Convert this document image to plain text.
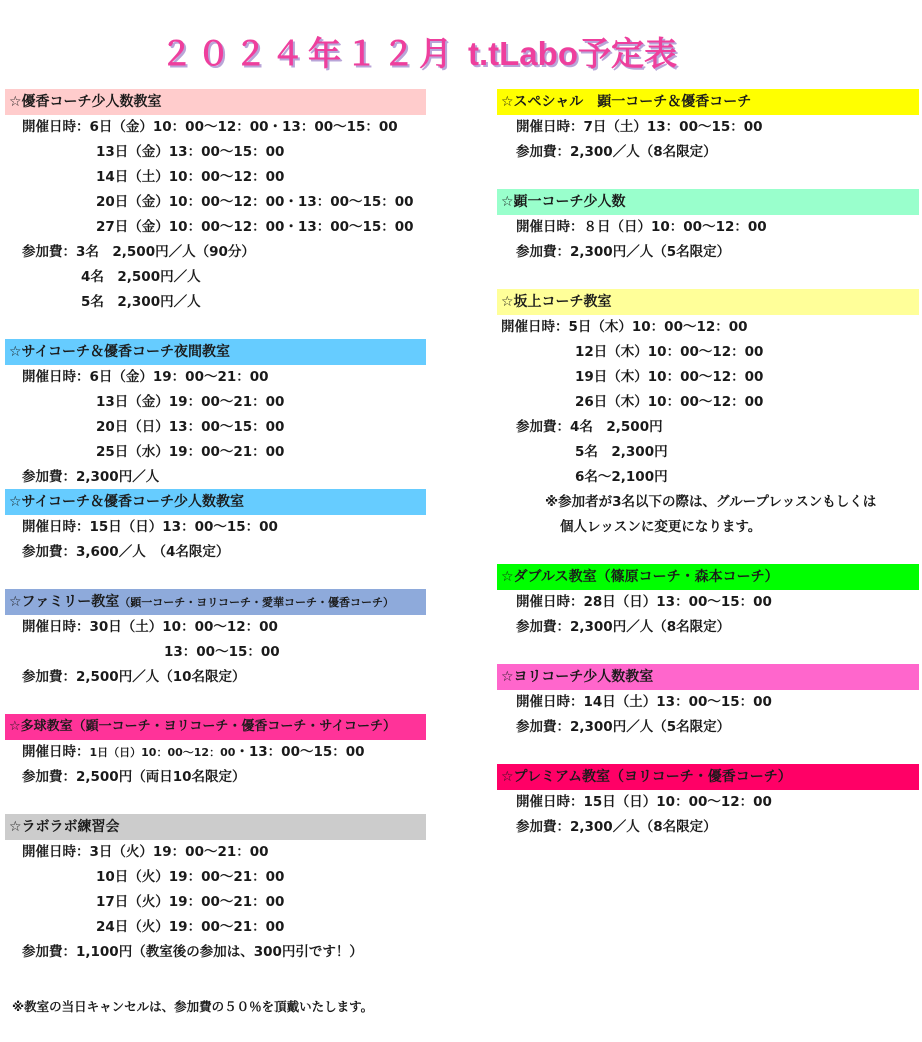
２０２４年１２月 t.tLabo予定表
☆優香コーチ少人数教室
開催日時：6日（金）10：00～12：00・13：00～15：00
13日（金）13：00～15：00
14日（土）10：00～12：00
20日（金）10：00～12：00・13：00～15：00
27日（金）10：00～12：00・13：00～15：00
参加費：3名　2,500円／人（90分）
4名　2,500円／人
5名　2,300円／人
☆サイコーチ＆優香コーチ夜間教室
開催日時：6日（金）19：00～21：00
13日（金）19：00～21：00
20日（日）13：00～15：00
25日（水）19：00～21：00
参加費：2,300円／人
☆サイコーチ＆優香コーチ少人数教室
開催日時：15日（日）13：00～15：00
参加費：3,600／人　（4名限定）
☆ファミリー教室（顕一コーチ・ヨリコーチ・愛華コーチ・優香コーチ）
開催日時：30日（土）10：00～12：00
13：00～15：00
参加費：2,500円／人（10名限定）
☆多球教室（顕一コーチ・ヨリコーチ・優香コーチ・サイコーチ）
開催日時：1日（日）10：00～12：00・13：00～15：00
参加費：2,500円（両日10名限定）
☆ラボラボ練習会
開催日時：3日（火）19：00～21：00
10日（火）19：00～21：00
17日（火）19：00～21：00
24日（火）19：00～21：00
参加費：1,100円（教室後の参加は、300円引です！）
※教室の当日キャンセルは、参加費の５０％を頂戴いたします。
☆スペシャル　顕一コーチ＆優香コーチ
開催日時：7日（土）13：00～15：00
参加費：2,300／人（8名限定）
☆顕一コーチ少人数
開催日時：８日（日）10：00～12：00
参加費：2,300円／人（5名限定）
☆坂上コーチ教室
開催日時：5日（木）10：00～12：00
12日（木）10：00～12：00
19日（木）10：00～12：00
26日（木）10：00～12：00
参加費：4名　2,500円
5名　2,300円
6名～2,100円
※参加者が3名以下の際は、グループレッスンもしくは
個人レッスンに変更になります。
☆ダブルス教室（篠原コーチ・森本コーチ）
開催日時：28日（日）13：00～15：00
参加費：2,300円／人（8名限定）
☆ヨリコーチ少人数教室
開催日時：14日（土）13：00～15：00
参加費：2,300円／人（5名限定）
☆プレミアム教室（ヨリコーチ・優香コーチ）
開催日時：15日（日）10：00～12：00
参加費：2,300／人（8名限定）
